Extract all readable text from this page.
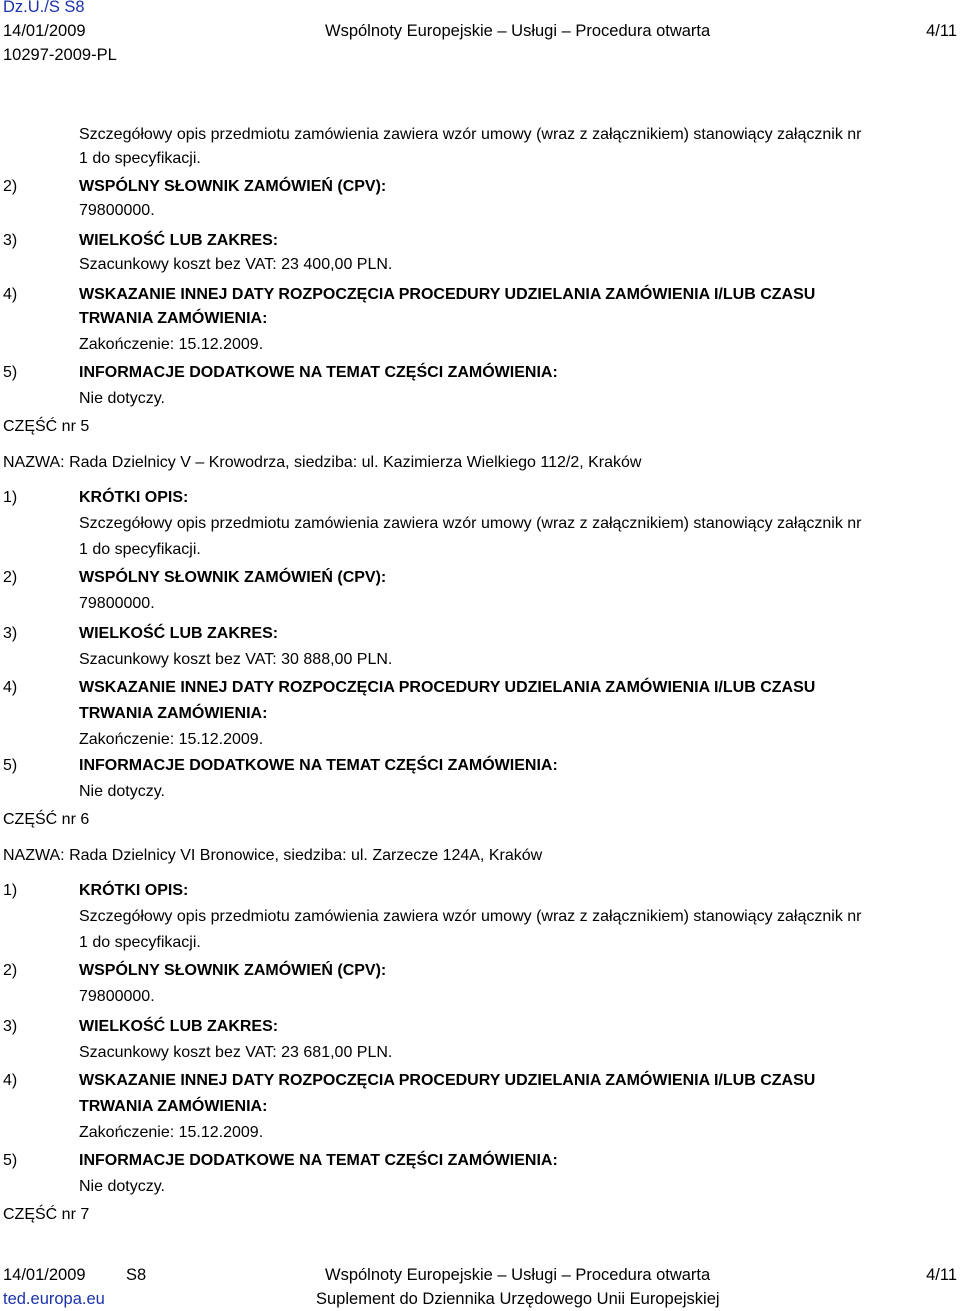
Dz.U./S S8
14/01/2009
10297-2009-PL
Wspólnoty Europejskie – Usługi – Procedura otwarta	4/11
Szczegółowy opis przedmiotu zamówienia zawiera wzór umowy (wraz z załącznikiem) stanowiący załącznik nr
1 do specyfikacji.
2)	WSPÓLNY SŁOWNIK ZAMÓWIEŃ (CPV):
79800000.
3)	WIELKOŚĆ LUB ZAKRES:
Szacunkowy koszt bez VAT: 23 400,00 PLN.
4)	WSKAZANIE INNEJ DATY ROZPOCZĘCIA PROCEDURY UDZIELANIA ZAMÓWIENIA I/LUB CZASU
TRWANIA ZAMÓWIENIA:
Zakończenie: 15.12.2009.
5)	INFORMACJE DODATKOWE NA TEMAT CZĘŚCI ZAMÓWIENIA:
Nie dotyczy.
CZĘŚĆ nr 5
NAZWA: Rada Dzielnicy V – Krowodrza, siedziba: ul. Kazimierza Wielkiego 112/2, Kraków
1)	KRÓTKI OPIS:
Szczegółowy opis przedmiotu zamówienia zawiera wzór umowy (wraz z załącznikiem) stanowiący załącznik nr
1 do specyfikacji.
2)	WSPÓLNY SŁOWNIK ZAMÓWIEŃ (CPV):
79800000.
3)	WIELKOŚĆ LUB ZAKRES:
Szacunkowy koszt bez VAT: 30 888,00 PLN.
4)	WSKAZANIE INNEJ DATY ROZPOCZĘCIA PROCEDURY UDZIELANIA ZAMÓWIENIA I/LUB CZASU
TRWANIA ZAMÓWIENIA:
Zakończenie: 15.12.2009.
5)	INFORMACJE DODATKOWE NA TEMAT CZĘŚCI ZAMÓWIENIA:
Nie dotyczy.
CZĘŚĆ nr 6
NAZWA: Rada Dzielnicy VI Bronowice, siedziba: ul. Zarzecze 124A, Kraków
1)	KRÓTKI OPIS:
Szczegółowy opis przedmiotu zamówienia zawiera wzór umowy (wraz z załącznikiem) stanowiący załącznik nr
1 do specyfikacji.
2)	WSPÓLNY SŁOWNIK ZAMÓWIEŃ (CPV):
79800000.
3)	WIELKOŚĆ LUB ZAKRES:
Szacunkowy koszt bez VAT: 23 681,00 PLN.
4)	WSKAZANIE INNEJ DATY ROZPOCZĘCIA PROCEDURY UDZIELANIA ZAMÓWIENIA I/LUB CZASU
TRWANIA ZAMÓWIENIA:
Zakończenie: 15.12.2009.
5)	INFORMACJE DODATKOWE NA TEMAT CZĘŚCI ZAMÓWIENIA:
Nie dotyczy.
CZĘŚĆ nr 7
14/01/2009 S8
ted.europa.eu
Wspólnoty Europejskie – Usługi – Procedura otwarta
Suplement do Dziennika Urzędowego Unii Europejskiej
4/11
